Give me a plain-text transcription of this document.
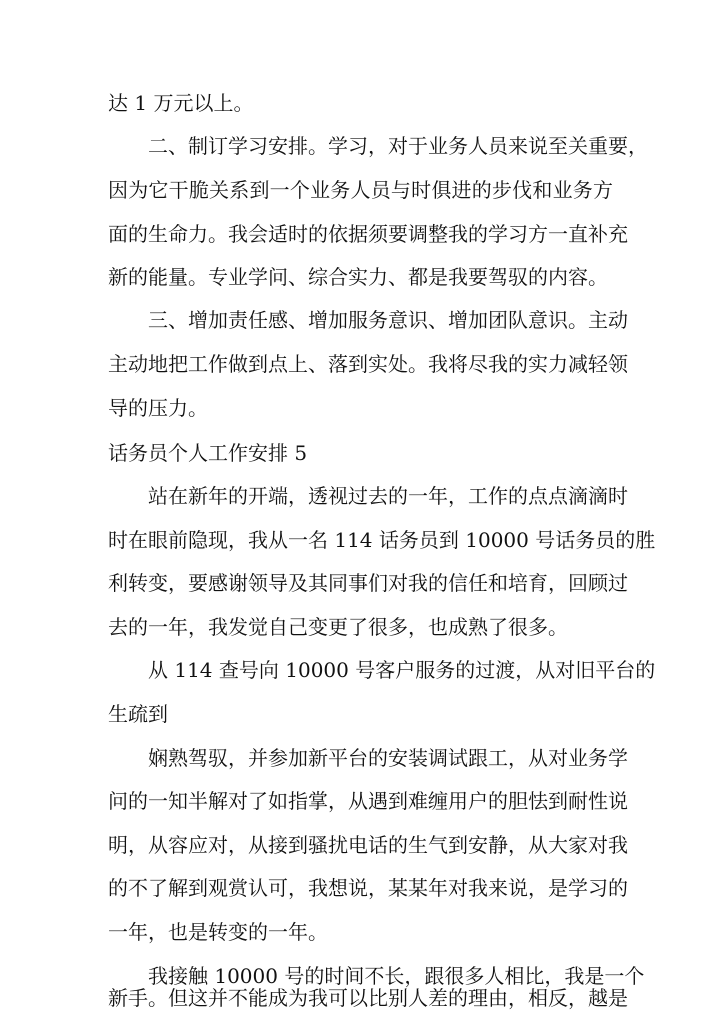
达 1 万元以上。
二、制订学习安排。学习，对于业务人员来说至关重要，
因为它干脆关系到一个业务人员与时俱进的步伐和业务方
面的生命力。我会适时的依据须要调整我的学习方一直补充
新的能量。专业学问、综合实力、都是我要驾驭的内容。
三、增加责任感、增加服务意识、增加团队意识。主动
主动地把工作做到点上、落到实处。我将尽我的实力减轻领
导的压力。
话务员个人工作安排 5
站在新年的开端，透视过去的一年，工作的点点滴滴时
时在眼前隐现，我从一名 114 话务员到 10000 号话务员的胜
利转变，要感谢领导及其同事们对我的信任和培育，回顾过
去的一年，我发觉自己变更了很多，也成熟了很多。
从 114 查号向 10000 号客户服务的过渡，从对旧平台的
生疏到
娴熟驾驭，并参加新平台的安装调试跟工，从对业务学
问的一知半解对了如指掌，从遇到难缠用户的胆怯到耐性说
明，从容应对，从接到骚扰电话的生气到安静，从大家对我
的不了解到观赏认可，我想说，某某年对我来说，是学习的
一年，也是转变的一年。
我接触 10000 号的时间不长，跟很多人相比，我是一个
新手。但这并不能成为我可以比别人差的理由，相反，越是
